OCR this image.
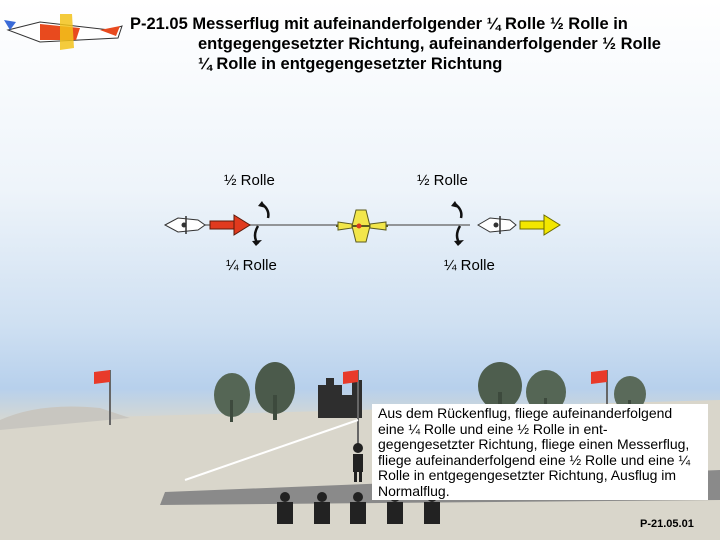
P-21.05 Messerflug mit aufeinanderfolgender ¼ Rolle ½ Rolle in
entgegengesetzter Richtung, aufeinanderfolgender ½ Rolle
¼ Rolle in entgegengesetzter Richtung
½ Rolle	½ Rolle
¼ Rolle	¼ Rolle
Aus dem Rückenflug, fliege aufeinanderfolgend eine ¼ Rolle und eine ½ Rolle in ent-gegengesetzter Richtung, fliege einen Messerflug, fliege aufeinanderfolgend eine ½ Rolle und eine ¼ Rolle in entgegengesetzter Richtung, Ausflug im Normalflug.
P-21.05.01
